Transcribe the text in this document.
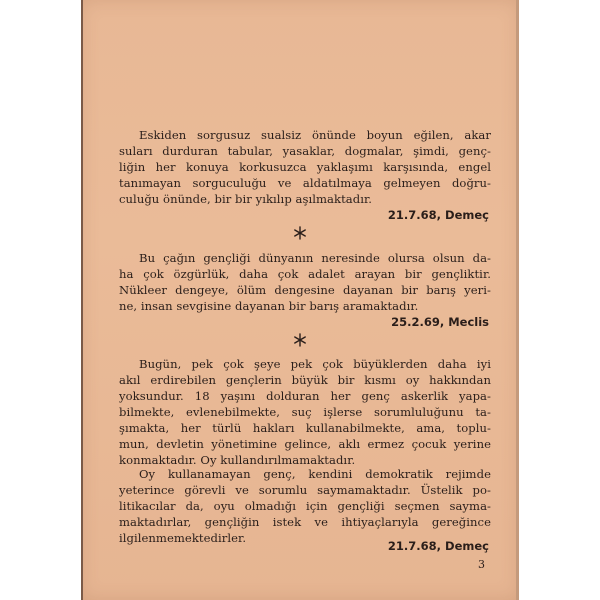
Eskiden sorgusuz sualsiz önünde boyun eğilen, akar
suları durduran tabular, yasaklar, dogmalar, şimdi, genç-
liğin her konuya korkusuzca yaklaşımı karşısında, engel
tanımayan sorguculuğu ve aldatılmaya gelmeyen doğru-
culuğu önünde, bir bir yıkılıp aşılmaktadır.

21.7.68, Demeç

Bu çağın gençliği dünyanın neresinde olursa olsun da-
ha çok özgürlük, daha çok adalet arayan bir gençliktir.
Nükleer dengeye, ölüm dengesine dayanan bir barış yeri-
ne, insan sevgisine dayanan bir barış aramaktadır.

25.2.69, Meclis

Bugün, pek çok şeye pek çok büyüklerden daha iyi
akıl erdirebilen gençlerin büyük bir kısmı oy hakkından
yoksundur. 18 yaşını dolduran her genç askerlik yapa-
bilmekte, evlenebilmekte, suç işlerse sorumluluğunu ta-
şımakta, her türlü hakları kullanabilmekte, ama, toplu-
mun, devletin yönetimine gelince, aklı ermez çocuk yerine
konmaktadır. Oy kullandırılmamaktadır.

Oy kullanamayan genç, kendini demokratik rejimde
yeterince görevli ve sorumlu saymamaktadır. Üstelik po-
litikacılar da, oyu olmadığı için gençliği seçmen sayma-
maktadırlar, gençliğin istek ve ihtiyaçlarıyla gereğince
ilgilenmemektedirler.

21.7.68, Demeç
3
